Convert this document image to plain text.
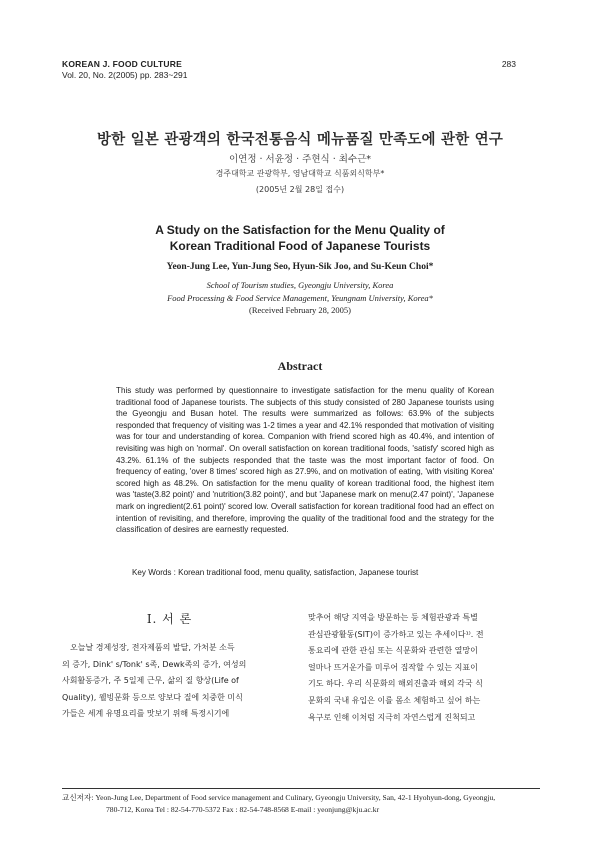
KOREAN J. FOOD CULTURE
Vol. 20, No. 2(2005) pp. 283~291
283
방한 일본 관광객의 한국전통음식 메뉴품질 만족도에 관한 연구
이연정 · 서윤정 · 주현식 · 최수근*
경주대학교 관광학부, 영남대학교 식품외식학부*
(2005년 2월 28일 접수)
A Study on the Satisfaction for the Menu Quality of
Korean Traditional Food of Japanese Tourists
Yeon-Jung Lee, Yun-Jung Seo, Hyun-Sik Joo, and Su-Keun Choi*
School of Tourism studies, Gyeongju University, Korea
Food Processing & Food Service Management, Yeungnam University, Korea*
(Received February 28, 2005)
Abstract

This study was performed by questionnaire to investigate satisfaction for the menu quality of Korean traditional food of Japanese tourists. The subjects of this study consisted of 280 Japanese tourists using the Gyeongju and Busan hotel. The results were summarized as follows: 63.9% of the subjects responded that frequency of visiting was 1-2 times a year and 42.1% responded that motivation of visiting was for tour and understanding of korea. Companion with friend scored high as 40.4%, and intention of revisiting was high on 'normal'. On overall satisfaction on korean traditional foods, 'satisfy' scored high as 43.2%. 61.1% of the subjects responded that the taste was the most important factor of food. On frequency of eating, 'over 8 times' scored high as 27.9%, and on motivation of eating, 'with visiting Korea' scored high as 48.2%. On satisfaction for the menu quality of korean traditional food, the highest item was 'taste(3.82 point)' and 'nutrition(3.82 point)', and but 'Japanese mark on menu(2.47 point)', 'Japanese mark on ingredient(2.61 point)' scored low. Overall satisfaction for korean traditional food had an effect on intention of revisiting, and therefore, improving the quality of the traditional food and the strategy for the classification of desires are earnestly requested.

Key Words : Korean traditional food, menu quality, satisfaction, Japanese tourist
I. 서 론
　오늘날 경제성장, 전자제품의 발달, 가처분 소득
의 증가, Dink' s/Tonk' s족, Dewk족의 증가, 여성의
사회활동증가, 주 5일제 근무, 삶의 질 향상(Life of
Quality), 웰빙문화 등으로 양보다 질에 치중한 미식
가들은 세계 유명요리를 맛보기 위해 특정시기에
맞추어 해당 지역을 방문하는 등 체험관광과 특별
관심관광활동(SIT)이 증가하고 있는 추세이다¹⁾. 전
통요리에 관한 관심 또는 식문화와 관련한 열망이
얼마나 뜨거운가를 미루어 짐작할 수 있는 지표이
기도 하다. 우리 식문화의 해외진출과 해외 각국 식
문화의 국내 유입은 이를 몸소 체험하고 싶어 하는
욕구로 인해 이처럼 지극히 자연스럽게 진척되고
교신저자: Yeon-Jung Lee, Department of Food service management and Culinary, Gyeongju University, San, 42-1 Hyohyun-dong, Gyeongju,
780-712, Korea Tel : 82-54-770-5372 Fax : 82-54-748-8568 E-mail : yeonjung@kju.ac.kr
